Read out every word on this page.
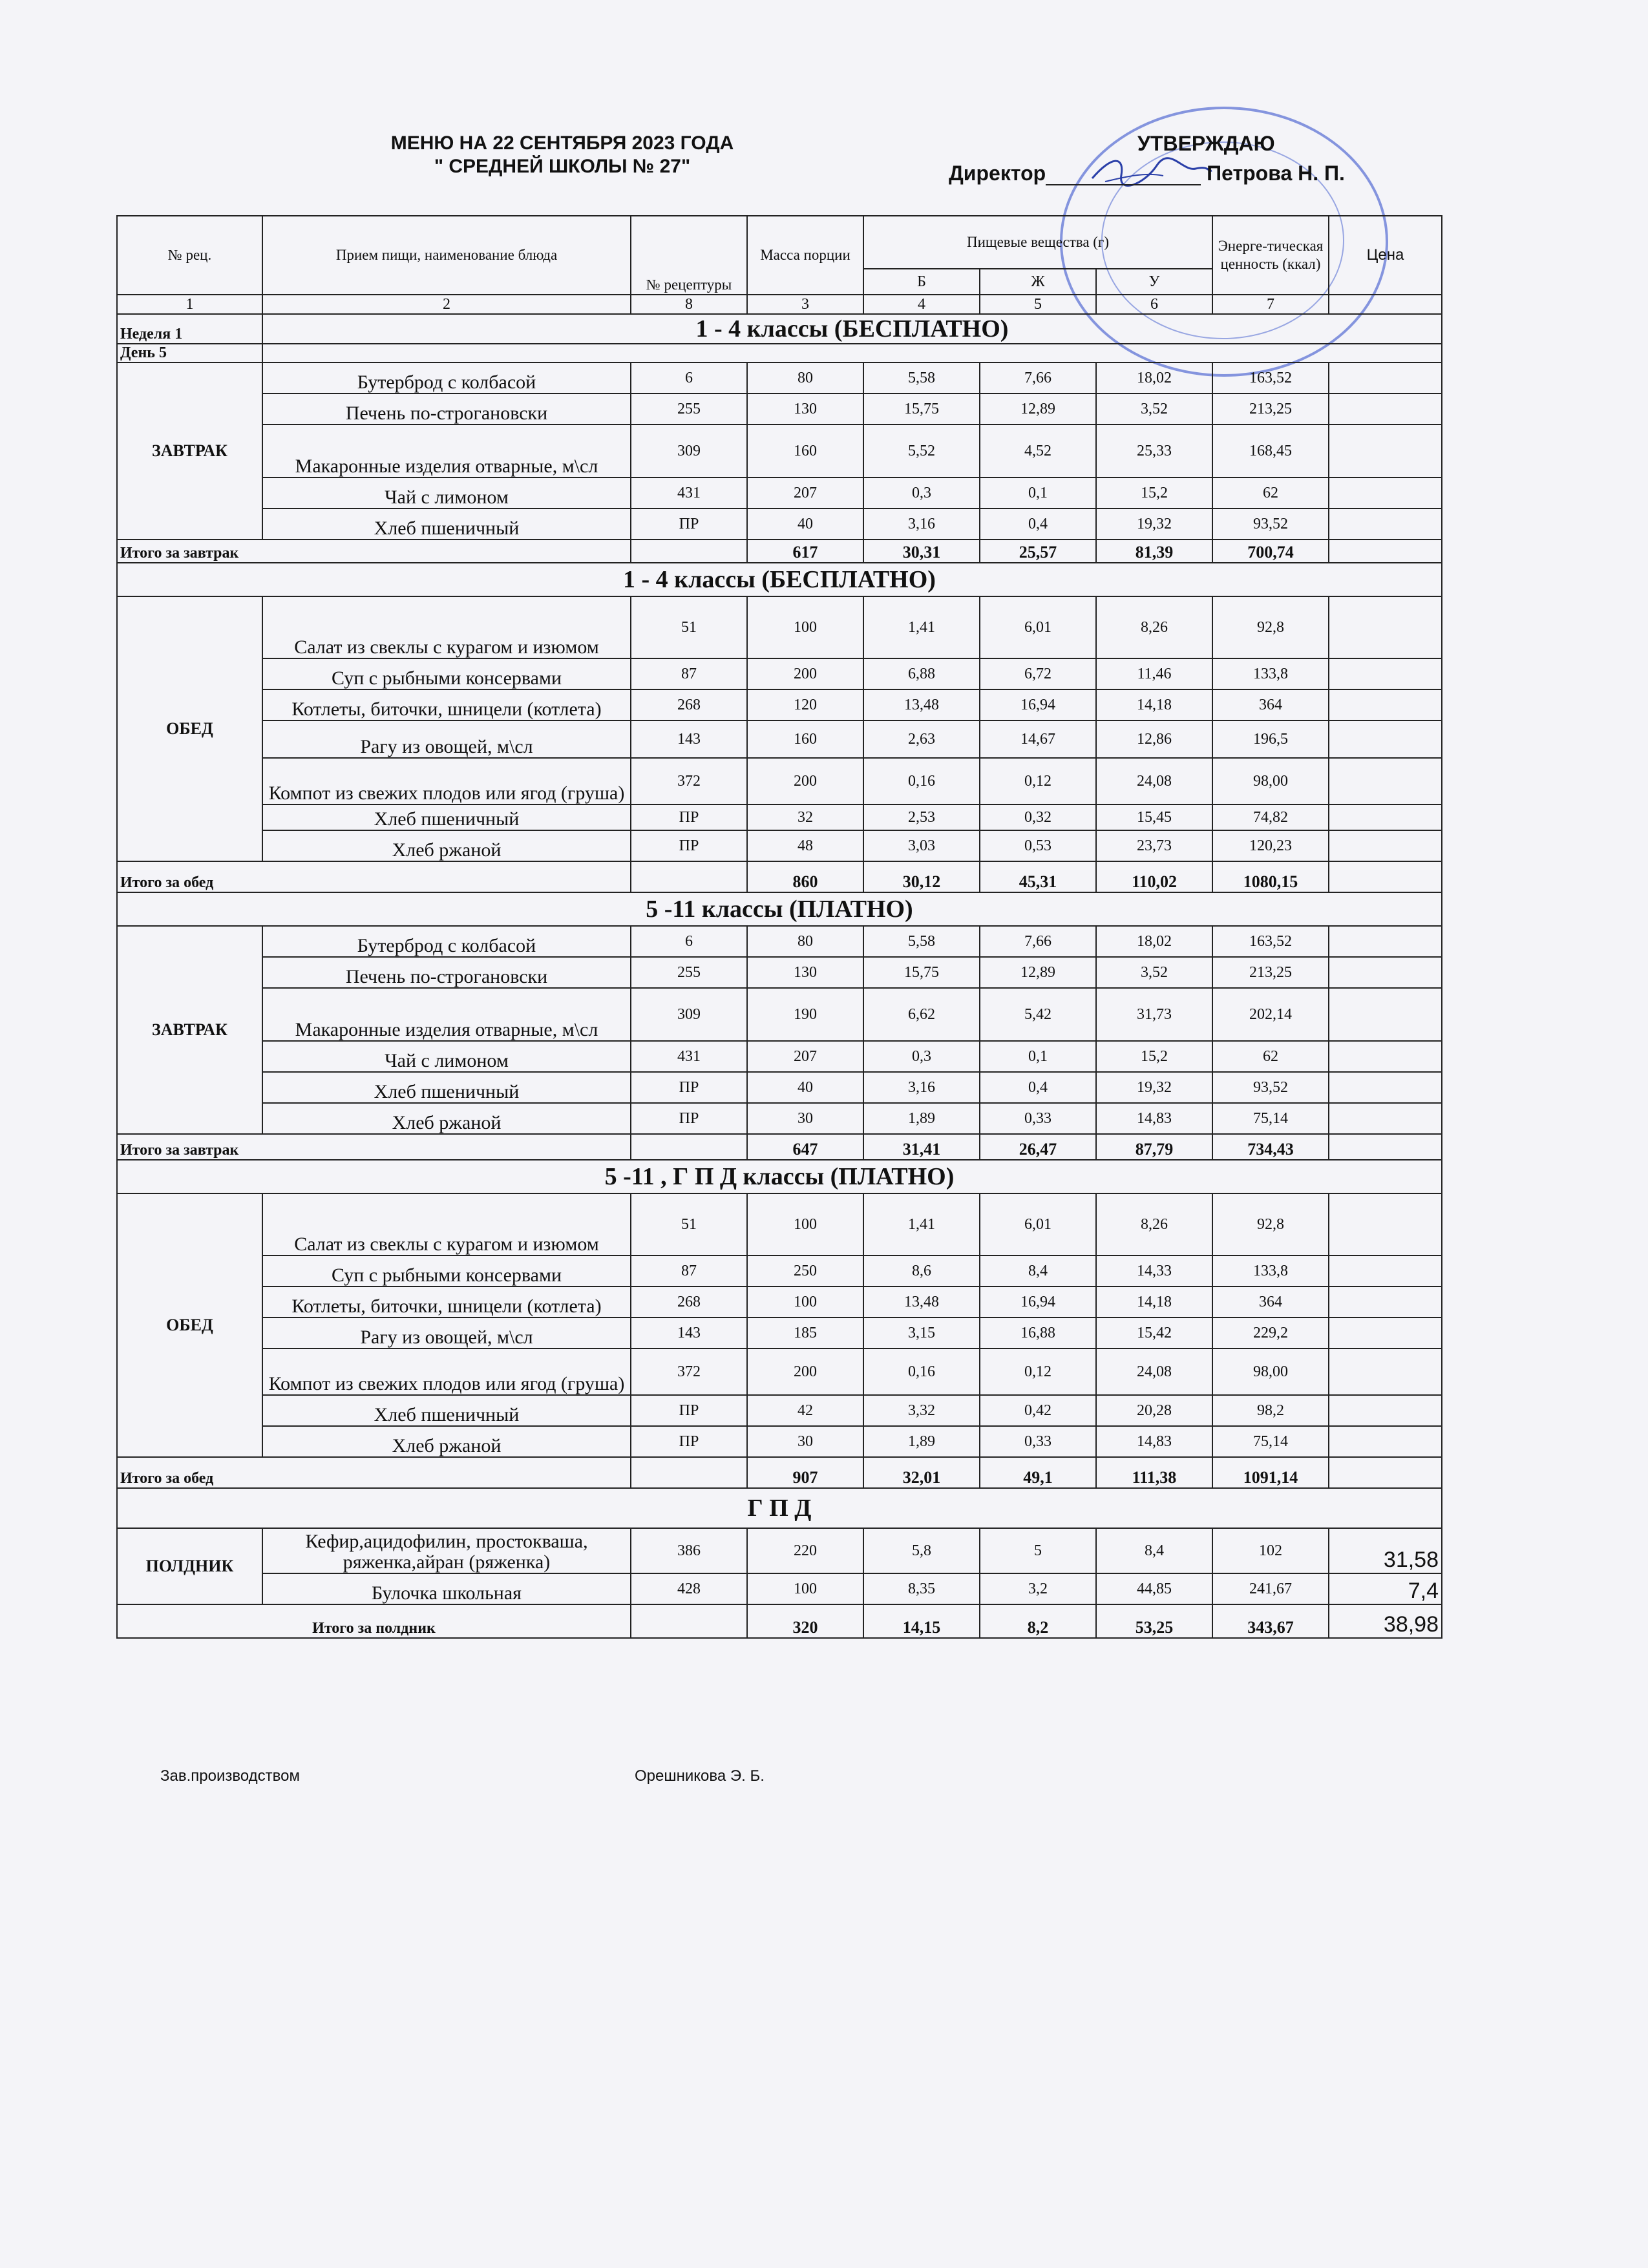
МЕНЮ НА 22 СЕНТЯБРЯ 2023 ГОДА
" СРЕДНЕЙ ШКОЛЫ № 27"
УТВЕРЖДАЮ
Директор	Петрова Н. П.
№ рец.	Прием пищи, наименование блюда	№ рецептуры	Масса порции	Пищевые вещества (г)			Энерге-тическая ценность (ккал)	Цена
				Б	Ж	У		
1	2	8	3	4	5	6	7	
Неделя 1	1 - 4 классы (БЕСПЛАТНО)							
День 5								
ЗАВТРАК	Бутерброд с колбасой	6	80	5,58	7,66	18,02	163,52	
	Печень по-строгановски	255	130	15,75	12,89	3,52	213,25	
	Макаронные изделия отварные, м\сл	309	160	5,52	4,52	25,33	168,45	
	Чай с лимоном	431	207	0,3	0,1	15,2	62	
	Хлеб пшеничный	ПР	40	3,16	0,4	19,32	93,52	
Итого за завтрак			617	30,31	25,57	81,39	700,74	
1 - 4 классы (БЕСПЛАТНО)								
ОБЕД	Салат из свеклы с курагом и изюмом	51	100	1,41	6,01	8,26	92,8	
	Суп с рыбными консервами	87	200	6,88	6,72	11,46	133,8	
	Котлеты, биточки, шницели (котлета)	268	120	13,48	16,94	14,18	364	
	Рагу из овощей, м\сл	143	160	2,63	14,67	12,86	196,5	
	Компот из свежих плодов или ягод (груша)	372	200	0,16	0,12	24,08	98,00	
	Хлеб пшеничный	ПР	32	2,53	0,32	15,45	74,82	
	Хлеб ржаной	ПР	48	3,03	0,53	23,73	120,23	
Итого за обед			860	30,12	45,31	110,02	1080,15	
5 -11 классы (ПЛАТНО)								
ЗАВТРАК	Бутерброд с колбасой	6	80	5,58	7,66	18,02	163,52	
	Печень по-строгановски	255	130	15,75	12,89	3,52	213,25	
	Макаронные изделия отварные, м\сл	309	190	6,62	5,42	31,73	202,14	
	Чай с лимоном	431	207	0,3	0,1	15,2	62	
	Хлеб пшеничный	ПР	40	3,16	0,4	19,32	93,52	
	Хлеб ржаной	ПР	30	1,89	0,33	14,83	75,14	
Итого за завтрак			647	31,41	26,47	87,79	734,43	
5 -11 , Г П Д классы (ПЛАТНО)								
ОБЕД	Салат из свеклы с курагом и изюмом	51	100	1,41	6,01	8,26	92,8	
	Суп с рыбными консервами	87	250	8,6	8,4	14,33	133,8	
	Котлеты, биточки, шницели (котлета)	268	100	13,48	16,94	14,18	364	
	Рагу из овощей, м\сл	143	185	3,15	16,88	15,42	229,2	
	Компот из свежих плодов или ягод (груша)	372	200	0,16	0,12	24,08	98,00	
	Хлеб пшеничный	ПР	42	3,32	0,42	20,28	98,2	
	Хлеб ржаной	ПР	30	1,89	0,33	14,83	75,14	
Итого за обед			907	32,01	49,1	111,38	1091,14	
Г П Д								
ПОЛДНИК	Кефир,ацидофилин, простокваша, ряженка,айран (ряженка)	386	220	5,8	5	8,4	102	31,58
	Булочка школьная	428	100	8,35	3,2	44,85	241,67	7,4
Итого за полдник			320	14,15	8,2	53,25	343,67	38,98
Зав.производством	Орешникова Э. Б.
